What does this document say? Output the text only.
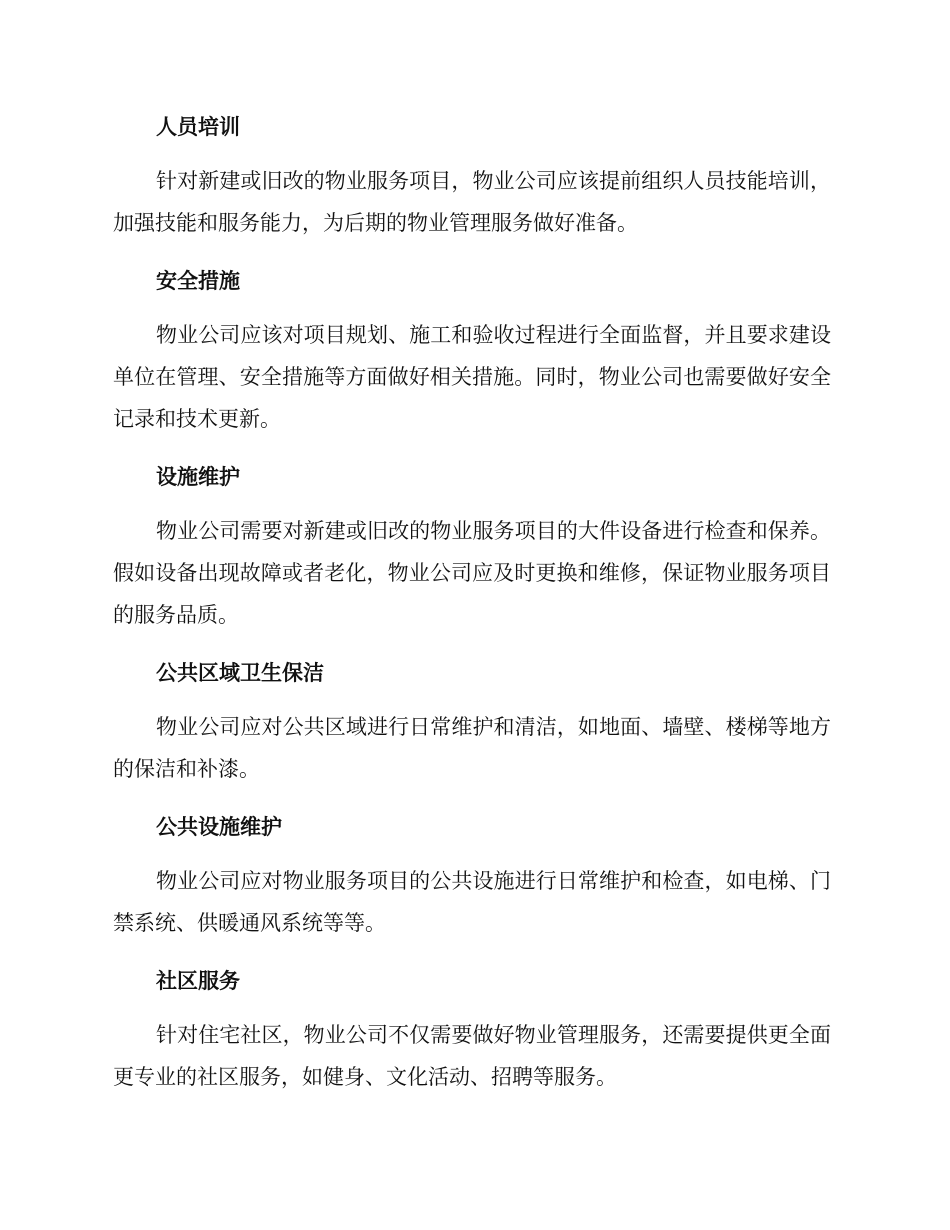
人员培训

针对新建或旧改的物业服务项目，物业公司应该提前组织人员技能培训，加强技能和服务能力，为后期的物业管理服务做好准备。

安全措施

物业公司应该对项目规划、施工和验收过程进行全面监督，并且要求建设单位在管理、安全措施等方面做好相关措施。同时，物业公司也需要做好安全记录和技术更新。

设施维护

物业公司需要对新建或旧改的物业服务项目的大件设备进行检查和保养。假如设备出现故障或者老化，物业公司应及时更换和维修，保证物业服务项目的服务品质。

公共区域卫生保洁

物业公司应对公共区域进行日常维护和清洁，如地面、墙壁、楼梯等地方的保洁和补漆。

公共设施维护

物业公司应对物业服务项目的公共设施进行日常维护和检查，如电梯、门禁系统、供暖通风系统等等。

社区服务

针对住宅社区，物业公司不仅需要做好物业管理服务，还需要提供更全面更专业的社区服务，如健身、文化活动、招聘等服务。
